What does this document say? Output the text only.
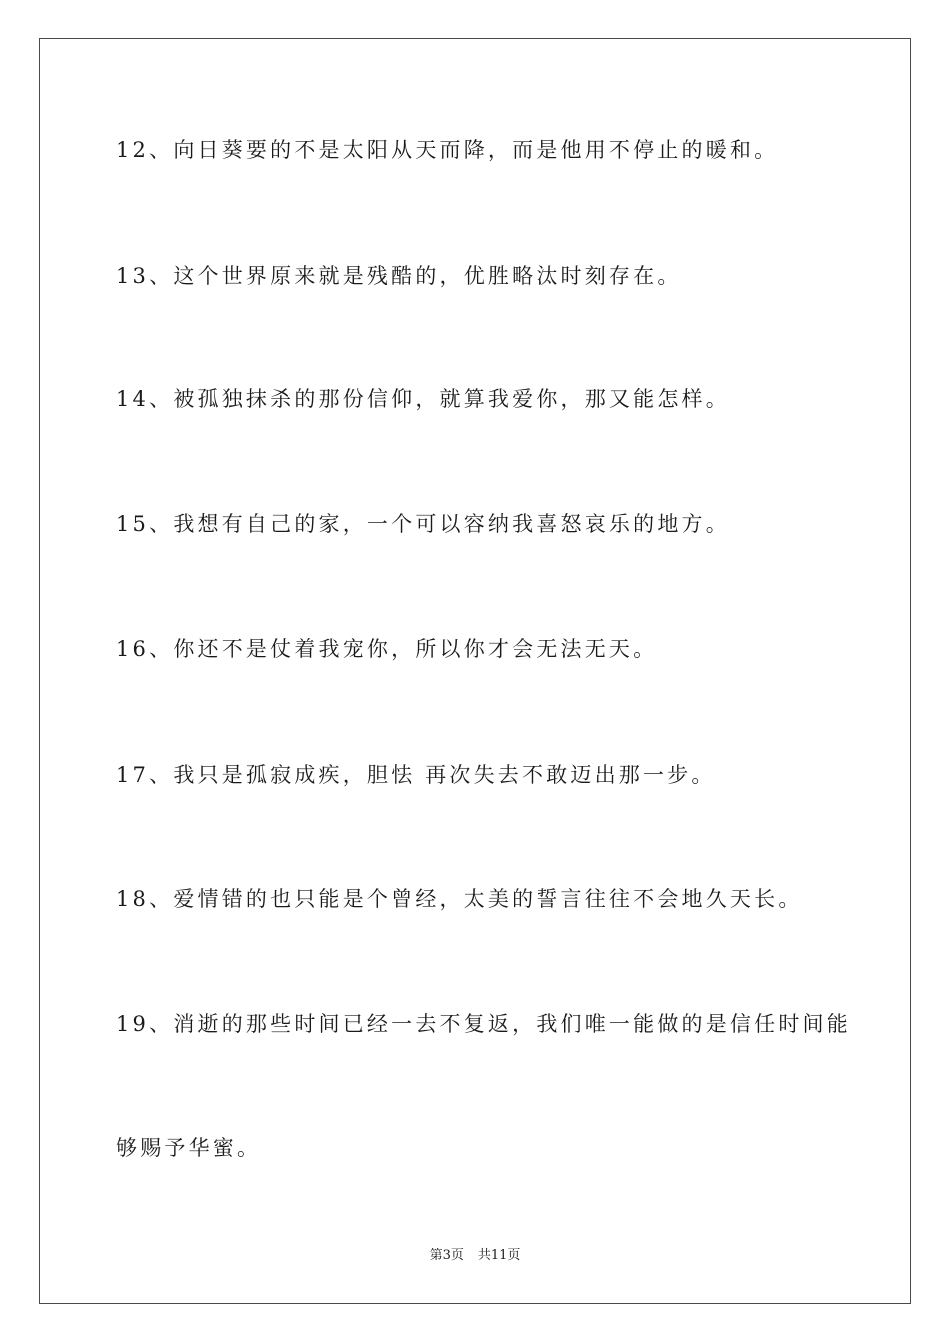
12、向日葵要的不是太阳从天而降，而是他用不停止的暖和。
13、这个世界原来就是残酷的，优胜略汰时刻存在。
14、被孤独抹杀的那份信仰，就算我爱你，那又能怎样。
15、我想有自己的家，一个可以容纳我喜怒哀乐的地方。
16、你还不是仗着我宠你，所以你才会无法无天。
17、我只是孤寂成疾，胆怯 再次失去不敢迈出那一步。
18、爱情错的也只能是个曾经，太美的誓言往往不会地久天长。
19、消逝的那些时间已经一去不复返，我们唯一能做的是信任时间能
够赐予华蜜。
第3页 共11页
